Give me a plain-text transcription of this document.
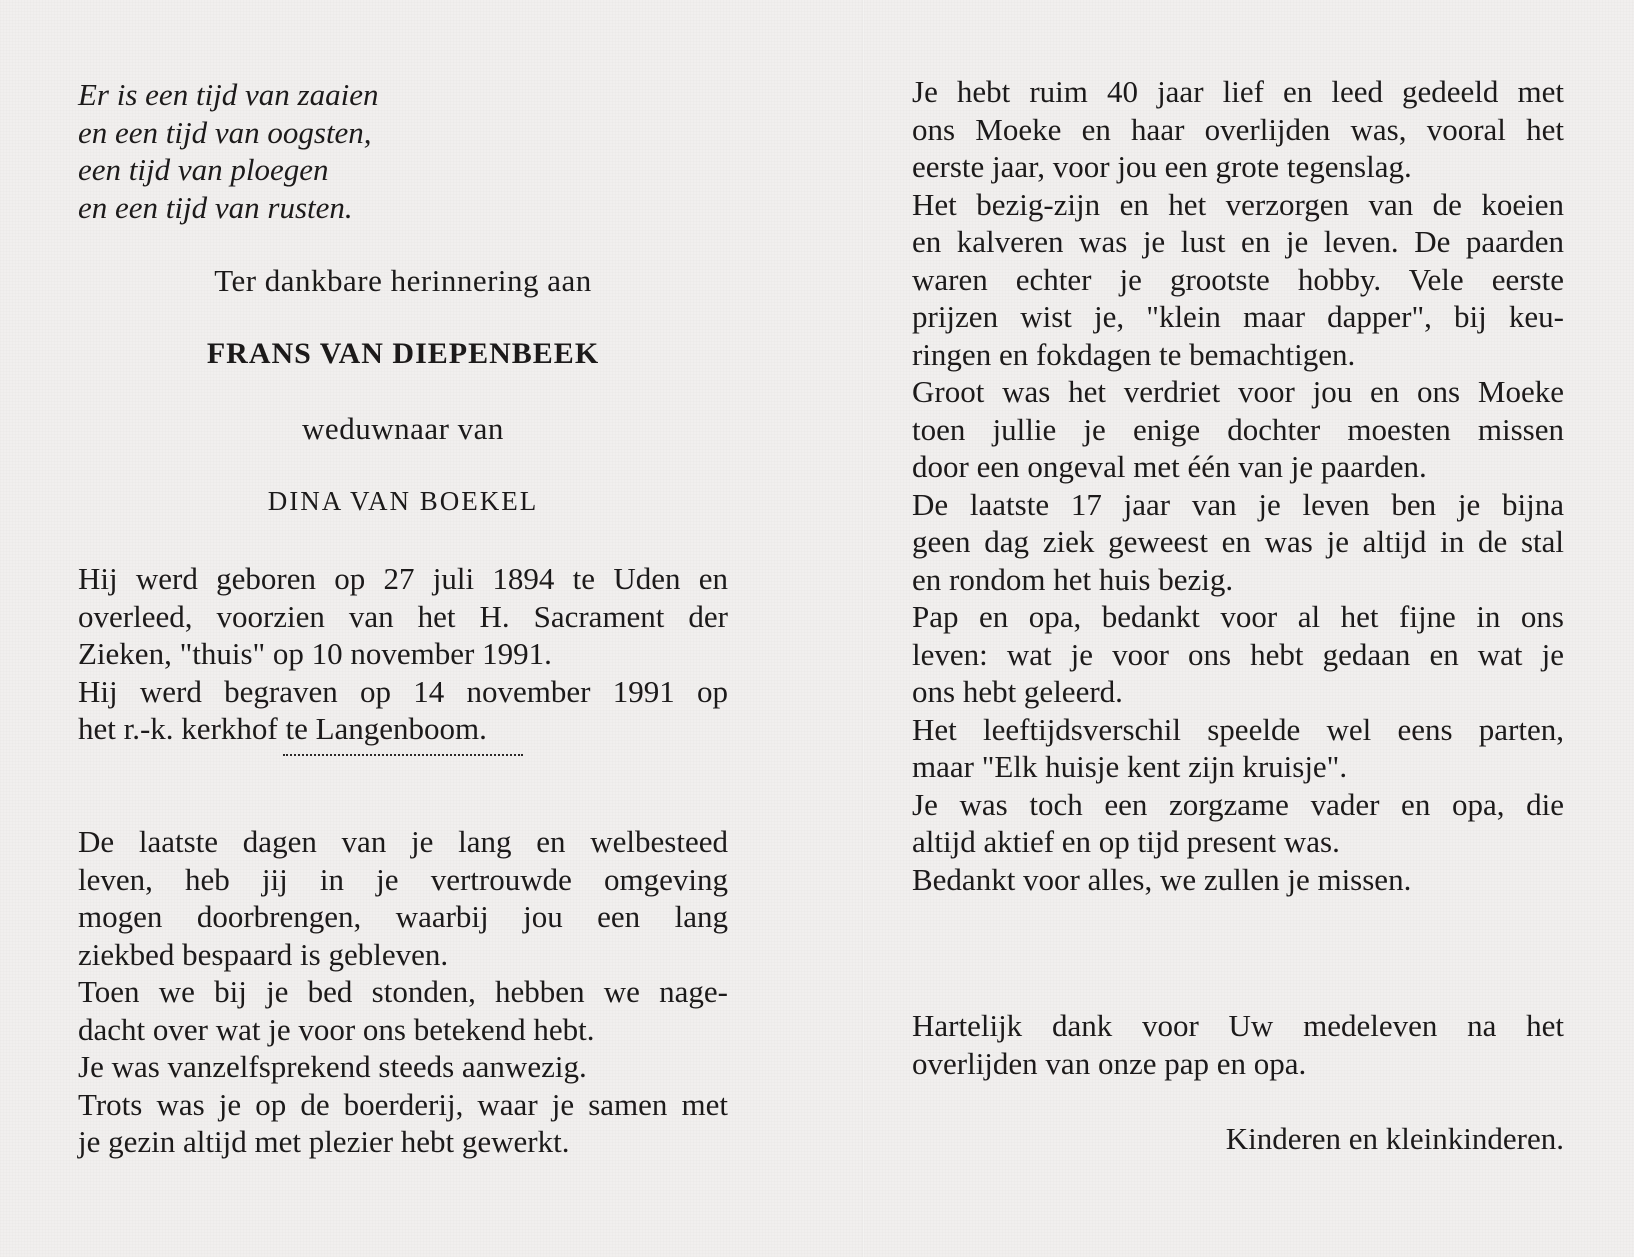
Er is een tijd van zaaien
en een tijd van oogsten,
een tijd van ploegen
en een tijd van rusten.
Ter dankbare herinnering aan
FRANS VAN DIEPENBEEK
weduwnaar van
DINA VAN BOEKEL
Hij werd geboren op 27 juli 1894 te Uden en
overleed, voorzien van het H. Sacrament der
Zieken, "thuis" op 10 november 1991.
Hij werd begraven op 14 november 1991 op
het r.-k. kerkhof te Langenboom.
De laatste dagen van je lang en welbesteed
leven, heb jij in je vertrouwde omgeving
mogen doorbrengen, waarbij jou een lang
ziekbed bespaard is gebleven.
Toen we bij je bed stonden, hebben we nage-
dacht over wat je voor ons betekend hebt.
Je was vanzelfsprekend steeds aanwezig.
Trots was je op de boerderij, waar je samen met
je gezin altijd met plezier hebt gewerkt.
Je hebt ruim 40 jaar lief en leed gedeeld met
ons Moeke en haar overlijden was, vooral het
eerste jaar, voor jou een grote tegenslag.
Het bezig-zijn en het verzorgen van de koeien
en kalveren was je lust en je leven. De paarden
waren echter je grootste hobby. Vele eerste
prijzen wist je, "klein maar dapper", bij keu-
ringen en fokdagen te bemachtigen.
Groot was het verdriet voor jou en ons Moeke
toen jullie je enige dochter moesten missen
door een ongeval met één van je paarden.
De laatste 17 jaar van je leven ben je bijna
geen dag ziek geweest en was je altijd in de stal
en rondom het huis bezig.
Pap en opa, bedankt voor al het fijne in ons
leven: wat je voor ons hebt gedaan en wat je
ons hebt geleerd.
Het leeftijdsverschil speelde wel eens parten,
maar "Elk huisje kent zijn kruisje".
Je was toch een zorgzame vader en opa, die
altijd aktief en op tijd present was.
Bedankt voor alles, we zullen je missen.
Hartelijk dank voor Uw medeleven na het
overlijden van onze pap en opa.
Kinderen en kleinkinderen.
